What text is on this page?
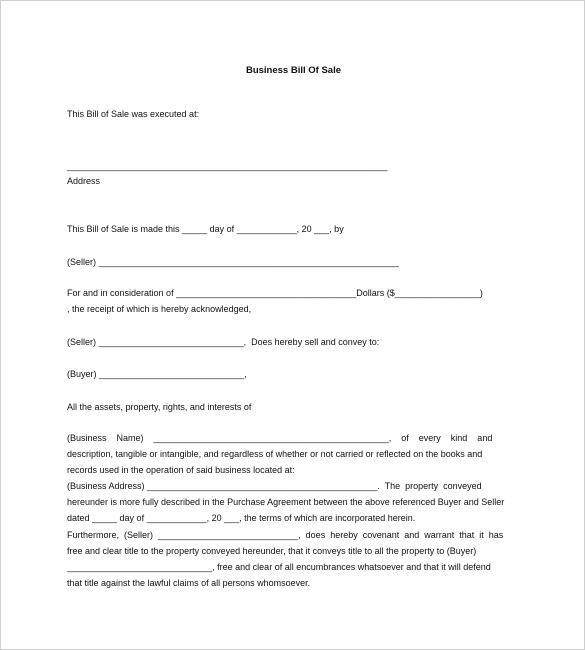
Business Bill Of Sale
This Bill of Sale was executed at:
________________________________________________________________
Address
This Bill of Sale is made this _____ day of ____________, 20 ___, by
(Seller) ____________________________________________________________
For and in consideration of ____________________________________Dollars ($_________________)
, the receipt of which is hereby acknowledged,
(Seller) _____________________________,  Does hereby sell and convey to:
(Buyer) _____________________________,
All the assets, property, rights, and interests of
(Business    Name)    _______________________________________________,    of    every    kind    and
description, tangible or intangible, and regardless of whether or not carried or reflected on the books and
records used in the operation of said business located at:
(Business Address) ______________________________________________.  The  property  conveyed
hereunder is more fully described in the Purchase Agreement between the above referenced Buyer and Seller
dated _____ day of ____________, 20 ___, the terms of which are incorporated herein.
Furthermore,  (Seller)  ____________________________,  does  hereby  covenant  and  warrant  that  it  has
free and clear title to the property conveyed hereunder, that it conveys title to all the property to (Buyer)
_____________________________, free and clear of all encumbrances whatsoever and that it will defend
that title against the lawful claims of all persons whomsoever.
